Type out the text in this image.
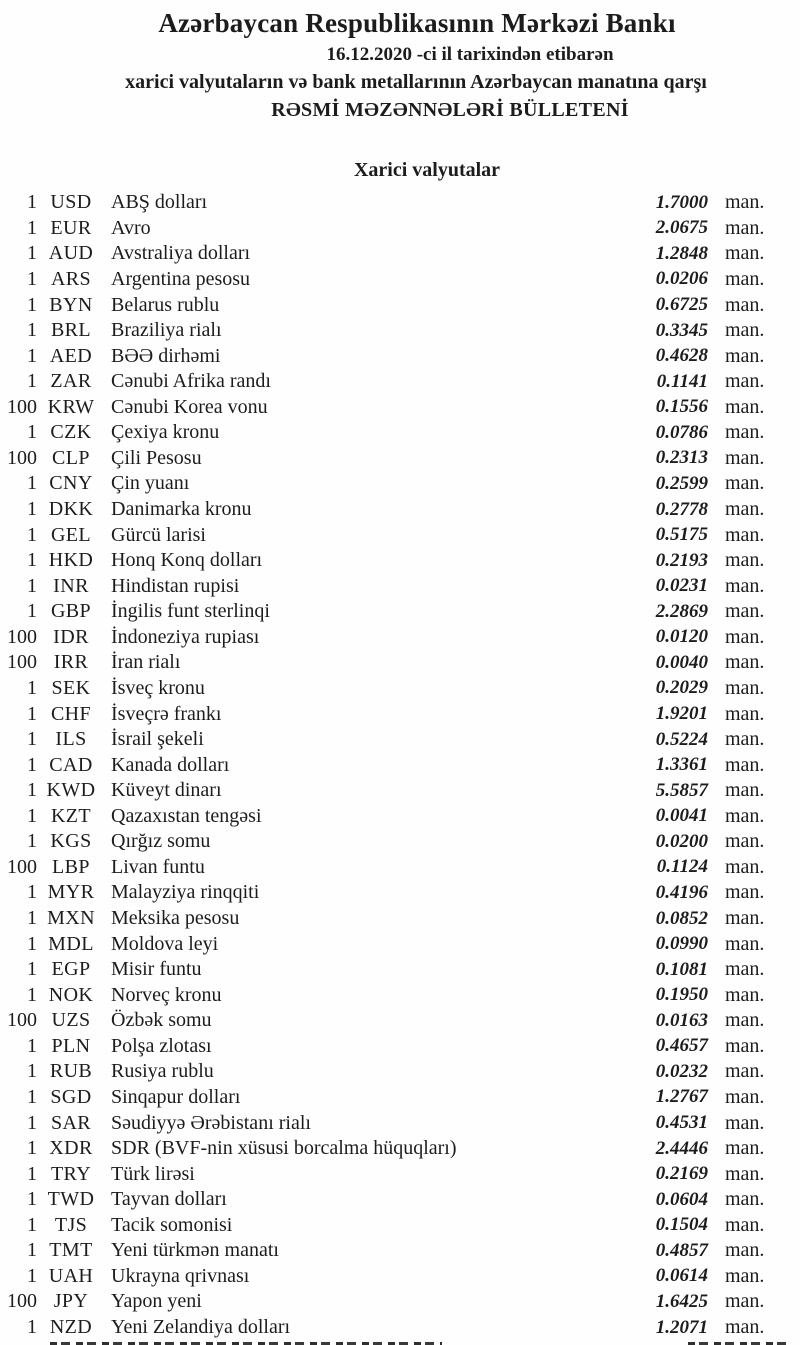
Azərbaycan Respublikasının Mərkəzi Bankı
16.12.2020 -ci il tarixindən etibarən
xarici valyutaların və bank metallarının Azərbaycan manatına qarşı
RƏSMİ MƏZƏNNƏLƏRİ BÜLLETENİ
Xarici valyutalar
1 USD ABŞ dolları	1.7000 man.
1 EUR Avro	2.0675 man.
1 AUD Avstraliya dolları	1.2848 man.
1 ARS Argentina pesosu	0.0206 man.
1 BYN Belarus rublu	0.6725 man.
1 BRL Braziliya rialı	0.3345 man.
1 AED BƏƏ dirhəmi	0.4628 man.
1 ZAR Cənubi Afrika randı	0.1141 man.
100 KRW Cənubi Korea vonu	0.1556 man.
1 CZK Çexiya kronu	0.0786 man.
100 CLP	Çili Pesosu	0.2313 man.
1 CNY Çin yuanı	0.2599 man.
1 DKK Danimarka kronu	0.2778 man.
1 GEL Gürcü larisi	0.5175 man.
1 HKD Honq Konq dolları	0.2193 man.
1 INR	Hindistan rupisi	0.0231 man.
1 GBP İngilis funt sterlinqi	2.2869 man.
100 IDR	İndoneziya rupiası	0.0120 man.
100 IRR	İran rialı	0.0040 man.
1 SEK	İsveç kronu	0.2029 man.
1 CHF İsveçrə frankı	1.9201 man.
1 ILS	İsrail şekeli	0.5224 man.
1 CAD Kanada dolları	1.3361 man.
1 KWD Küveyt dinarı	5.5857 man.
1 KZT Qazaxıstan tengəsi	0.0041 man.
1 KGS Qırğız somu	0.0200 man.
100 LBP	Livan funtu	0.1124 man.
1 MYR Malayziya rinqqiti	0.4196 man.
1 MXN Meksika pesosu	0.0852 man.
1 MDL Moldova leyi	0.0990 man.
1 EGP	Misir funtu	0.1081 man.
1 NOK Norveç kronu	0.1950 man.
100 UZS	Özbək somu	0.0163 man.
1 PLN	Polşa zlotası	0.4657 man.
1 RUB Rusiya rublu	0.0232 man.
1 SGD Sinqapur dolları	1.2767 man.
1 SAR Səudiyyə Ərəbistanı rialı	0.4531 man.
1 XDR SDR (BVF-nin xüsusi borcalma hüquqları)	2.4446 man.
1 TRY Türk lirəsi	0.2169 man.
1 TWD Tayvan dolları	0.0604 man.
1 TJS	Tacik somonisi	0.1504 man.
1 TMT Yeni türkmən manatı	0.4857 man.
1 UAH Ukrayna qrivnası	0.0614 man.
100 JPY	Yapon yeni	1.6425 man.
1 NZD Yeni Zelandiya dolları	1.2071 man.
